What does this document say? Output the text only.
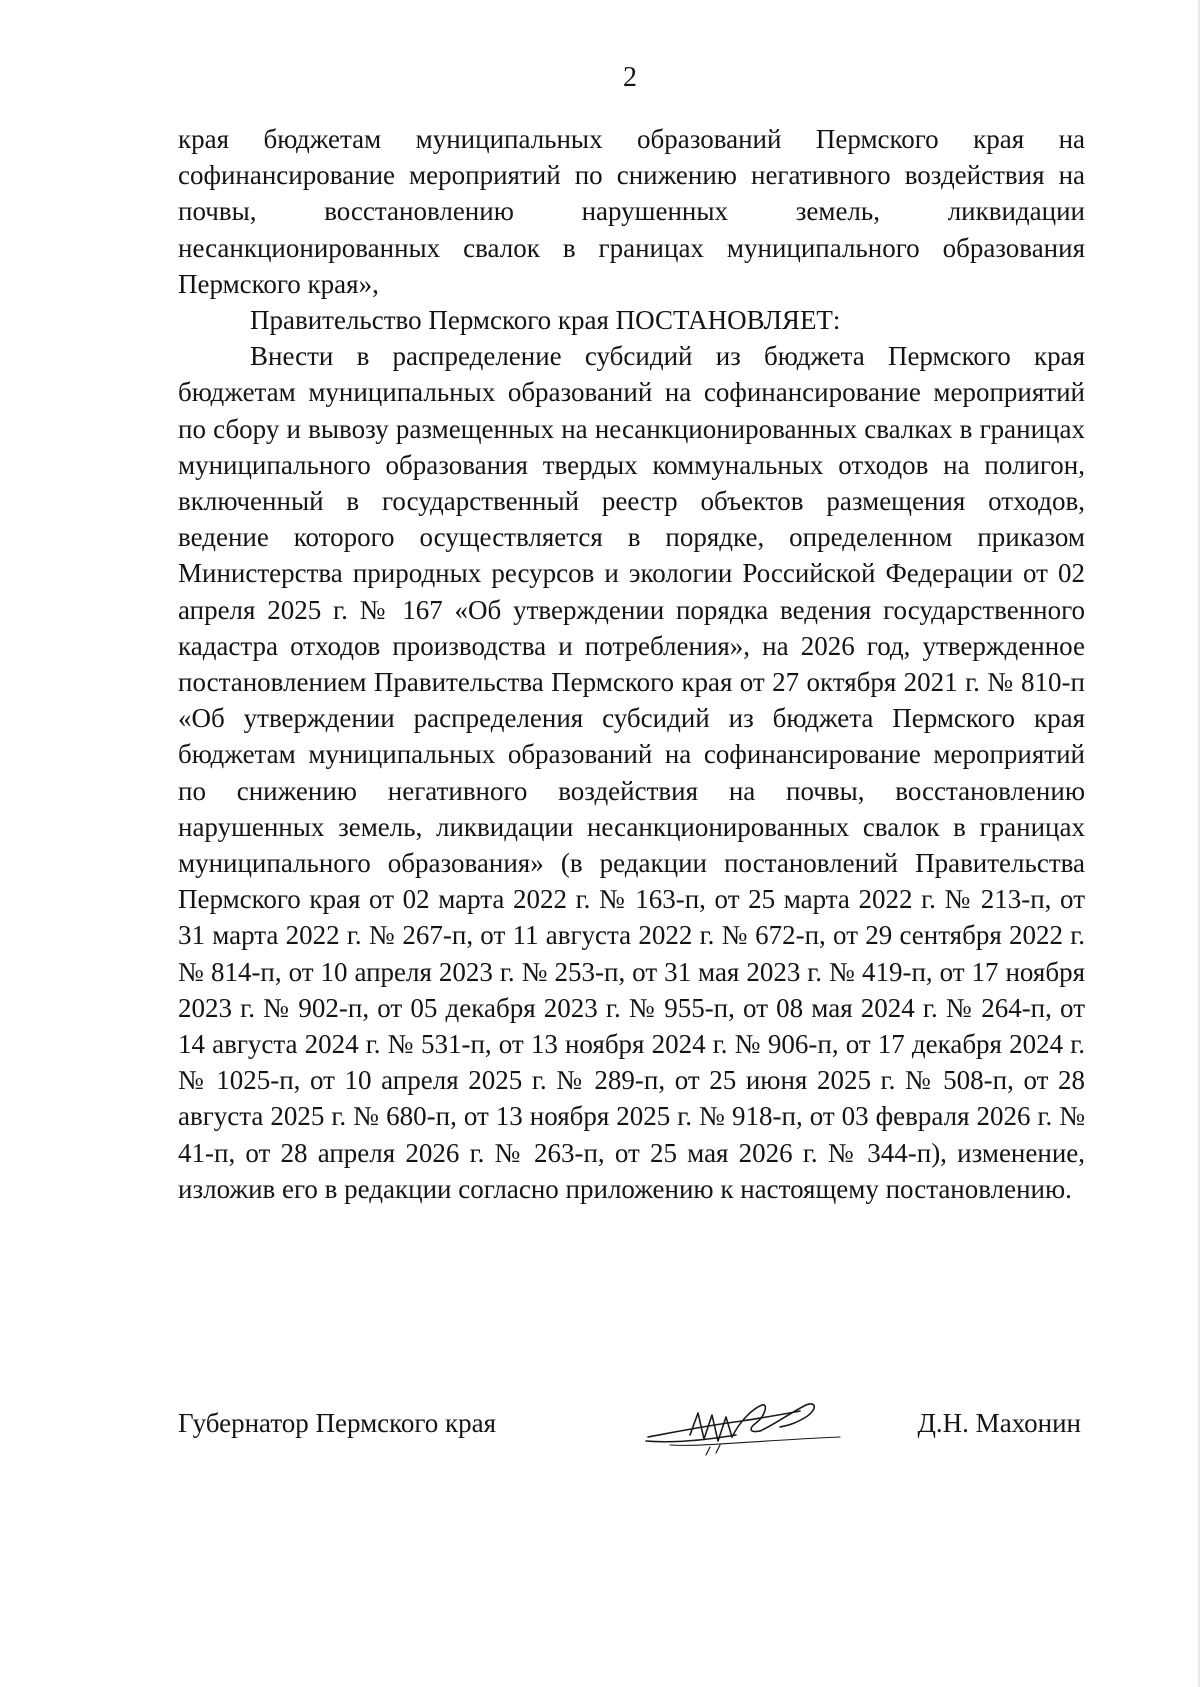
2

края бюджетам муниципальных образований Пермского края на софинансирование мероприятий по снижению негативного воздействия на почвы, восстановлению нарушенных земель, ликвидации несанкционированных свалок в границах муниципального образования Пермского края»,

Правительство Пермского края ПОСТАНОВЛЯЕТ:

Внести в распределение субсидий из бюджета Пермского края бюджетам муниципальных образований на софинансирование мероприятий по сбору и вывозу размещенных на несанкционированных свалках в границах муниципального образования твердых коммунальных отходов на полигон, включенный в государственный реестр объектов размещения отходов, ведение которого осуществляется в порядке, определенном приказом Министерства природных ресурсов и экологии Российской Федерации от 02 апреля 2025 г. № 167 «Об утверждении порядка ведения государственного кадастра отходов производства и потребления», на 2026 год, утвержденное постановлением Правительства Пермского края от 27 октября 2021 г. № 810-п «Об утверждении распределения субсидий из бюджета Пермского края бюджетам муниципальных образований на софинансирование мероприятий по снижению негативного воздействия на почвы, восстановлению нарушенных земель, ликвидации несанкционированных свалок в границах муниципального образования» (в редакции постановлений Правительства Пермского края от 02 марта 2022 г. № 163-п, от 25 марта 2022 г. № 213-п, от 31 марта 2022 г. № 267-п, от 11 августа 2022 г. № 672-п, от 29 сентября 2022 г. № 814-п, от 10 апреля 2023 г. № 253-п, от 31 мая 2023 г. № 419-п, от 17 ноября 2023 г. № 902-п, от 05 декабря 2023 г. № 955-п, от 08 мая 2024 г. № 264-п, от 14 августа 2024 г. № 531-п, от 13 ноября 2024 г. № 906-п, от 17 декабря 2024 г. № 1025-п, от 10 апреля 2025 г. № 289-п, от 25 июня 2025 г. № 508-п, от 28 августа 2025 г. № 680-п, от 13 ноября 2025 г. № 918-п, от 03 февраля 2026 г. № 41-п, от 28 апреля 2026 г. № 263-п, от 25 мая 2026 г. № 344-п), изменение, изложив его в редакции согласно приложению к настоящему постановлению.

Губернатор Пермского края	Д.Н. Махонин
